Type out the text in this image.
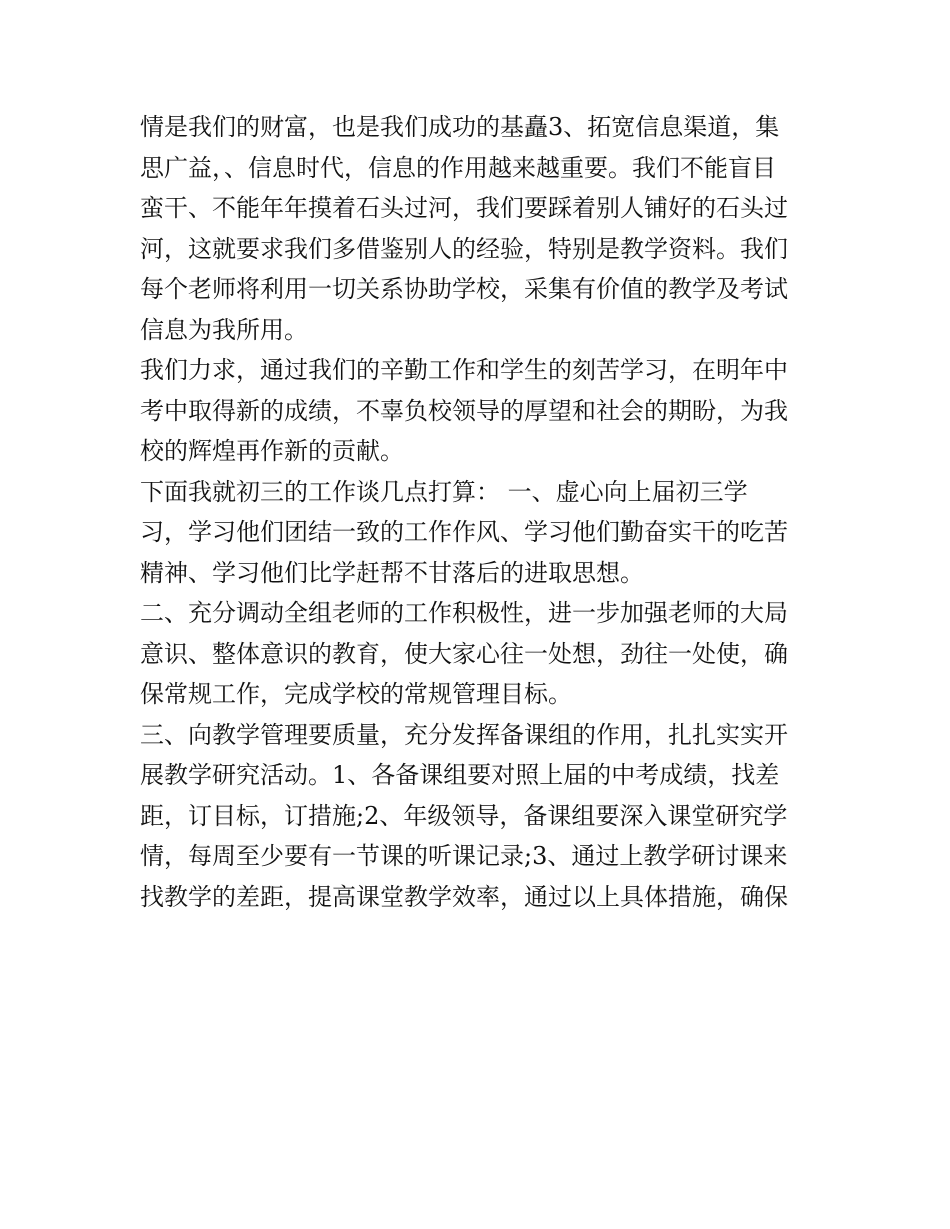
情是我们的财富，也是我们成功的基矗3、拓宽信息渠道，集
思广益，、信息时代，信息的作用越来越重要。我们不能盲目
蛮干、不能年年摸着石头过河，我们要踩着别人铺好的石头过
河，这就要求我们多借鉴别人的经验，特别是教学资料。我们
每个老师将利用一切关系协助学校，采集有价值的教学及考试
信息为我所用。
我们力求，通过我们的辛勤工作和学生的刻苦学习，在明年中
考中取得新的成绩，不辜负校领导的厚望和社会的期盼，为我
校的辉煌再作新的贡献。
下面我就初三的工作谈几点打算： 一、虚心向上届初三学
习，学习他们团结一致的工作作风、学习他们勤奋实干的吃苦
精神、学习他们比学赶帮不甘落后的进取思想。
二、充分调动全组老师的工作积极性，进一步加强老师的大局
意识、整体意识的教育，使大家心往一处想，劲往一处使，确
保常规工作，完成学校的常规管理目标。
三、向教学管理要质量，充分发挥备课组的作用，扎扎实实开
展教学研究活动。1、各备课组要对照上届的中考成绩，找差
距，订目标，订措施;2、年级领导，备课组要深入课堂研究学
情，每周至少要有一节课的听课记录;3、通过上教学研讨课来
找教学的差距，提高课堂教学效率，通过以上具体措施，确保
